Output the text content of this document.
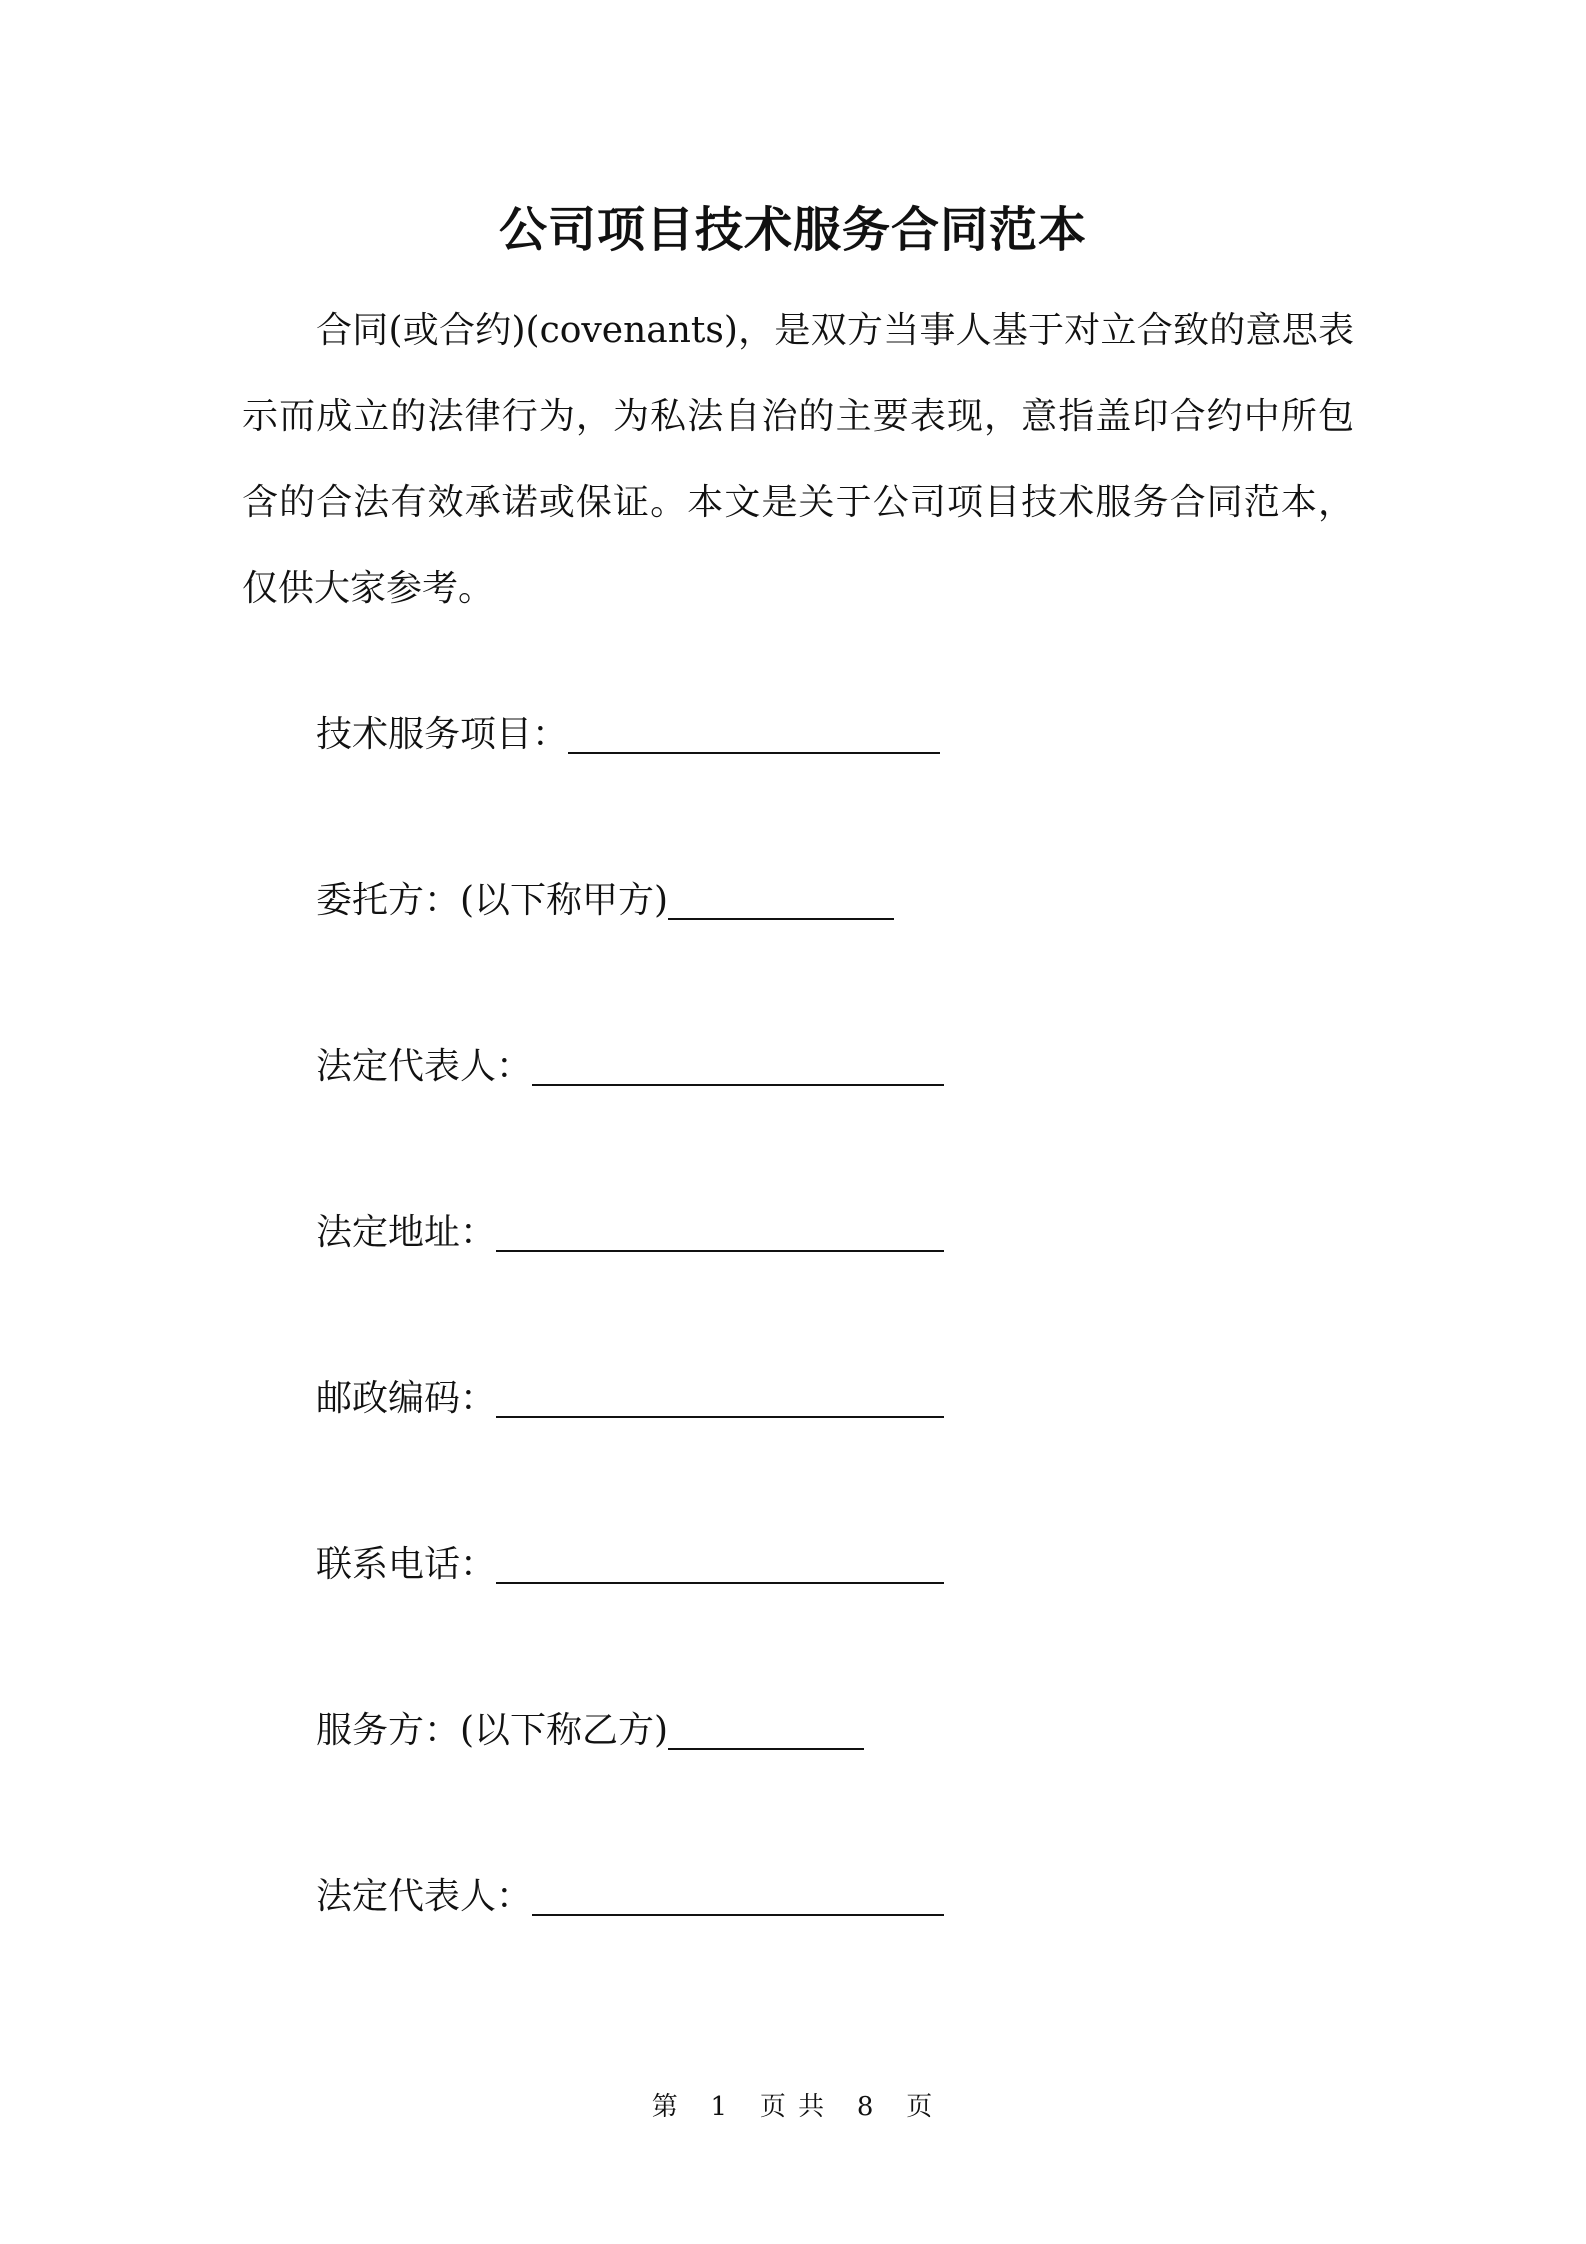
公司项目技术服务合同范本

合同(或合约)(covenants)，是双方当事人基于对立合致的意思表示而成立的法律行为，为私法自治的主要表现，意指盖印合约中所包含的合法有效承诺或保证。本文是关于公司项目技术服务合同范本，仅供大家参考。

技术服务项目：
委托方：(以下称甲方)
法定代表人：
法定地址：
邮政编码：
联系电话：
服务方：(以下称乙方)
法定代表人：
第 1 页 共 8 页
